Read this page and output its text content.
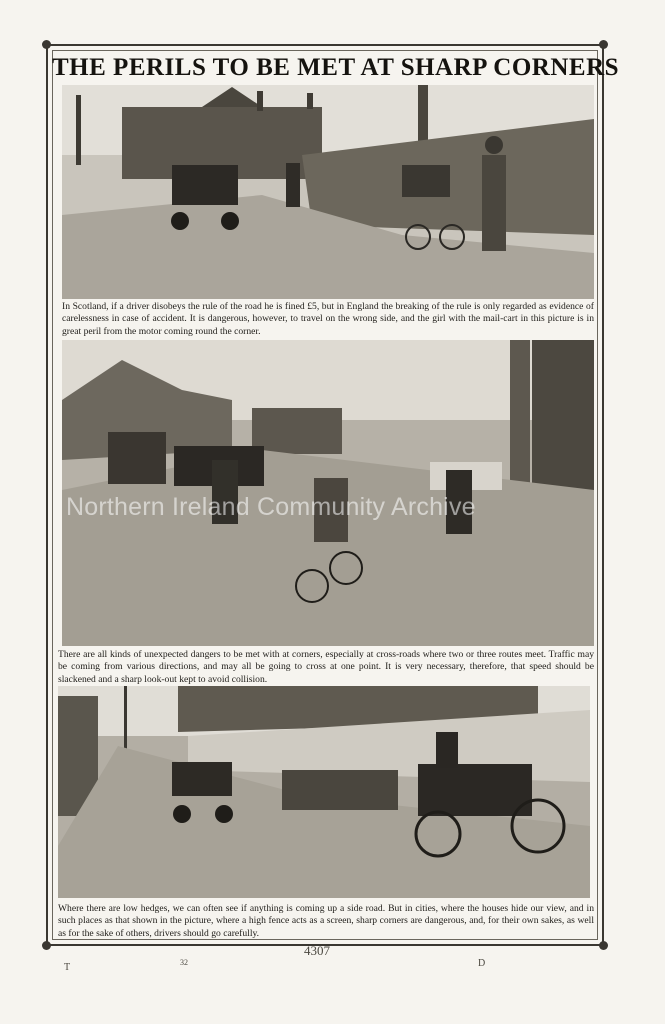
THE PERILS TO BE MET AT SHARP CORNERS

In Scotland, if a driver disobeys the rule of the road he is fined £5, but in England the breaking of the rule is only regarded as evidence of carelessness in case of accident. It is dangerous, however, to travel on the wrong side, and the girl with the mail-cart in this picture is in great peril from the motor coming round the corner.

There are all kinds of unexpected dangers to be met with at corners, especially at cross-roads where two or three routes meet. Traffic may be coming from various directions, and may all be going to cross at one point. It is very necessary, therefore, that speed should be slackened and a sharp look-out kept to avoid collision.

Northern Ireland Community Archive

Where there are low hedges, we can often see if anything is coming up a side road. But in cities, where the houses hide our view, and in such places as that shown in the picture, where a high fence acts as a screen, sharp corners are dangerous, and, for their own sakes, as well as for the sake of others, drivers should go carefully.

T	32

4307

D
